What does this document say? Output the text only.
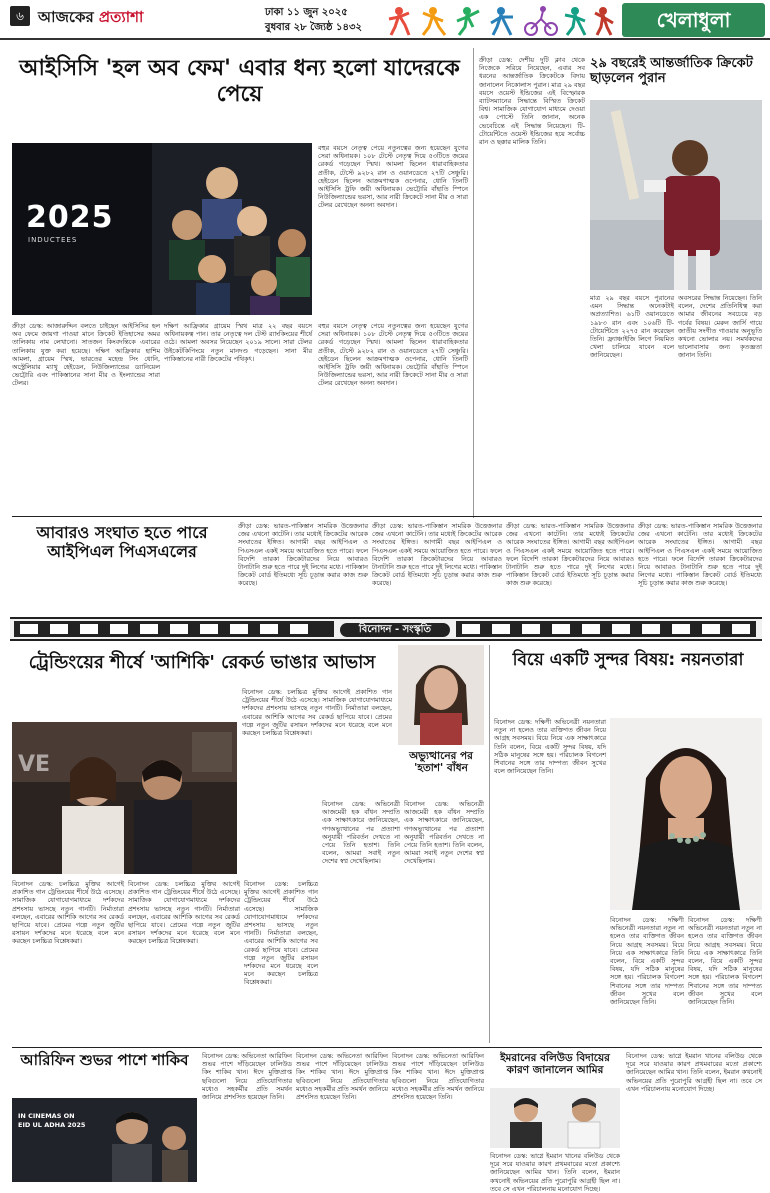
৬ আজকের প্রত্যাশা	ঢাকা ১১ জুন ২০২৫
বুধবার ২৮ জ্যৈষ্ঠ ১৪৩২	খেলাধুলা
আইসিসি 'হল অব ফেম' এবার ধন্য হলো যাদেরকে পেয়ে
2025
INDUCTEES
বহুর বয়সে নেতৃত্ব পেয়ে নতুনত্বের জন্য হয়েছেন যুগের সেরা অধিনায়ক। ১০৮ টেস্টে নেতৃত্ব দিয়ে ৫৩টিতে জয়ের রেকর্ড গড়েছেন স্মিথ। আমলা ছিলেন ধারাবাহিকতার প্রতীক, টেস্টে ৯২৮২ রান ও ওয়ানডেতে ২৭টি সেঞ্চুরি। হেইডেন ছিলেন আক্রমণাত্মক ওপেনার, ধোনি তিনটি আইসিসি ট্রফি জয়ী অধিনায়ক। ভেট্টোরি বাঁহাতি স্পিনে নিউজিল্যান্ডের ভরসা, আর নারী ক্রিকেটে সানা মীর ও সারা টেলর রেখেছেন অনন্য অবদান।
ক্রীড়া ডেস্ক: আজারুদ্দিন বলতে চাইছেন আইসিসির হল অব ফেমে জায়গা পাওয়া মানে ক্রিকেট ইতিহাসের অমর তালিকায় নাম লেখানো। সাতজন কিংবদন্তিকে এবারের তালিকায় যুক্ত করা হয়েছে। দক্ষিণ আফ্রিকার হাশিম আমলা, গ্রায়েম স্মিথ, ভারতের মহেন্দ্র সিং ধোনি, অস্ট্রেলিয়ার ম্যাথু হেইডেন, নিউজিল্যান্ডের ড্যানিয়েল ভেট্টোরি এবং পাকিস্তানের সানা মীর ও ইংল্যান্ডের সারা টেলর।
দক্ষিণ আফ্রিকার গ্রায়েম স্মিথ মাত্র ২২ বছর বয়সে অধিনায়কত্ব পান। তার নেতৃত্বে দল টেস্ট র‍্যাংকিংয়ের শীর্ষে ওঠে। আমলা অবসর নিয়েছেন ২০১৯ সালে। সারা টেলর উইকেটকিপিংয়ে নতুন মানদণ্ড গড়েছেন। সানা মীর পাকিস্তানের নারী ক্রিকেটের পথিকৃৎ।
বহুর বয়সে নেতৃত্ব পেয়ে নতুনত্বের জন্য হয়েছেন যুগের সেরা অধিনায়ক। ১০৮ টেস্টে নেতৃত্ব দিয়ে ৫৩টিতে জয়ের রেকর্ড গড়েছেন স্মিথ। আমলা ছিলেন ধারাবাহিকতার প্রতীক, টেস্টে ৯২৮২ রান ও ওয়ানডেতে ২৭টি সেঞ্চুরি। হেইডেন ছিলেন আক্রমণাত্মক ওপেনার, ধোনি তিনটি আইসিসি ট্রফি জয়ী অধিনায়ক। ভেট্টোরি বাঁহাতি স্পিনে নিউজিল্যান্ডের ভরসা, আর নারী ক্রিকেটে সানা মীর ও সারা টেলর রেখেছেন অনন্য অবদান।
ক্রীড়া ডেস্ক: দেশীয় দুটি ক্লাব থেকে নিজেকে সরিয়ে নিয়েছেন, এবার সব ধরনের আন্তর্জাতিক ক্রিকেটকে বিদায় জানালেন নিকোলাস পুরান। মাত্র ২৯ বছর বয়সে ওয়েস্ট ইন্ডিজের এই বিস্ফোরক ব্যাটসম্যানের সিদ্ধান্তে বিস্মিত ক্রিকেট বিশ্ব। সামাজিক যোগাযোগ মাধ্যমে দেওয়া এক পোস্টে তিনি জানান, অনেক ভেবেচিন্তে এই সিদ্ধান্ত নিয়েছেন। টি-টোয়েন্টিতে ওয়েস্ট ইন্ডিজের হয়ে সর্বোচ্চ রান ও ছক্কার মালিক তিনি।
২৯ বছরেই আন্তর্জাতিক ক্রিকেট ছাড়লেন পুরান
মাত্র ২৯ বছর বয়সে পুরানের এমন সিদ্ধান্ত অনেকটাই অপ্রত্যাশিত। ৬১টি ওয়ানডেতে ১৯৮৩ রান এবং ১০৬টি টি-টোয়েন্টিতে ২২৭৫ রান করেছেন তিনি। ফ্র্যাঞ্চাইজি লিগে নিয়মিত খেলা চালিয়ে যাবেন বলে জানিয়েছেন।
অবসরের সিদ্ধান্ত নিয়েছেন। তিনি বলেন, দেশের প্রতিনিধিত্ব করা আমার জীবনের সবচেয়ে বড় গর্বের বিষয়। মেরুন জার্সি গায়ে জাতীয় সংগীত গাওয়ার অনুভূতি কখনো ভোলার নয়। সমর্থকদের ভালোবাসার জন্য কৃতজ্ঞতা জানান তিনি।
আবারও সংঘাত হতে পারে আইপিএল পিএসএলের
ক্রীড়া ডেস্ক: ভারত-পাকিস্তান সামরিক উত্তেজনার জের এখনো কাটেনি। তার মধ্যেই ক্রিকেটের আরেক সংঘাতের ইঙ্গিত। আগামী বছর আইপিএল ও পিএসএল একই সময়ে আয়োজিত হতে পারে। ফলে বিদেশি তারকা ক্রিকেটারদের নিয়ে আবারও টানাটানি শুরু হতে পারে দুই লিগের মধ্যে। পাকিস্তান ক্রিকেট বোর্ড ইতিমধ্যে সূচি চূড়ান্ত করার কাজ শুরু করেছে।
ক্রীড়া ডেস্ক: ভারত-পাকিস্তান সামরিক উত্তেজনার জের এখনো কাটেনি। তার মধ্যেই ক্রিকেটের আরেক সংঘাতের ইঙ্গিত। আগামী বছর আইপিএল ও পিএসএল একই সময়ে আয়োজিত হতে পারে। ফলে বিদেশি তারকা ক্রিকেটারদের নিয়ে আবারও টানাটানি শুরু হতে পারে দুই লিগের মধ্যে। পাকিস্তান ক্রিকেট বোর্ড ইতিমধ্যে সূচি চূড়ান্ত করার কাজ শুরু করেছে।
ক্রীড়া ডেস্ক: ভারত-পাকিস্তান সামরিক উত্তেজনার জের এখনো কাটেনি। তার মধ্যেই ক্রিকেটের আরেক সংঘাতের ইঙ্গিত। আগামী বছর আইপিএল ও পিএসএল একই সময়ে আয়োজিত হতে পারে। ফলে বিদেশি তারকা ক্রিকেটারদের নিয়ে আবারও টানাটানি শুরু হতে পারে দুই লিগের মধ্যে। পাকিস্তান ক্রিকেট বোর্ড ইতিমধ্যে সূচি চূড়ান্ত করার কাজ শুরু করেছে।
ক্রীড়া ডেস্ক: ভারত-পাকিস্তান সামরিক উত্তেজনার জের এখনো কাটেনি। তার মধ্যেই ক্রিকেটের আরেক সংঘাতের ইঙ্গিত। আগামী বছর আইপিএল ও পিএসএল একই সময়ে আয়োজিত হতে পারে। ফলে বিদেশি তারকা ক্রিকেটারদের নিয়ে আবারও টানাটানি শুরু হতে পারে দুই লিগের মধ্যে। পাকিস্তান ক্রিকেট বোর্ড ইতিমধ্যে সূচি চূড়ান্ত করার কাজ শুরু করেছে।
বিনোদন - সংস্কৃতি
ট্রেন্ডিংয়ের শীর্ষে 'আশিকি' রেকর্ড ভাঙার আভাস
VE
বিনোদন ডেস্ক: চলচ্চিত্র মুক্তির আগেই প্রকাশিত গান ট্রেন্ডিংয়ের শীর্ষে উঠে এসেছে। সামাজিক যোগাযোগমাধ্যমে দর্শকদের প্রশংসায় ভাসছে নতুন গানটি। নির্মাতারা বলছেন, এবারের আশিকি আগের সব রেকর্ড ছাপিয়ে যাবে। প্রেমের গল্পে নতুন জুটির রসায়ন দর্শকদের মনে ধরেছে বলে মনে করছেন চলচ্চিত্র বিশ্লেষকরা।
বিনোদন ডেস্ক: চলচ্চিত্র মুক্তির আগেই প্রকাশিত গান ট্রেন্ডিংয়ের শীর্ষে উঠে এসেছে। সামাজিক যোগাযোগমাধ্যমে দর্শকদের প্রশংসায় ভাসছে নতুন গানটি। নির্মাতারা বলছেন, এবারের আশিকি আগের সব রেকর্ড ছাপিয়ে যাবে। প্রেমের গল্পে নতুন জুটির রসায়ন দর্শকদের মনে ধরেছে বলে মনে করছেন চলচ্চিত্র বিশ্লেষকরা।
বিনোদন ডেস্ক: চলচ্চিত্র মুক্তির আগেই প্রকাশিত গান ট্রেন্ডিংয়ের শীর্ষে উঠে এসেছে। সামাজিক যোগাযোগমাধ্যমে দর্শকদের প্রশংসায় ভাসছে নতুন গানটি। নির্মাতারা বলছেন, এবারের আশিকি আগের সব রেকর্ড ছাপিয়ে যাবে। প্রেমের গল্পে নতুন জুটির রসায়ন দর্শকদের মনে ধরেছে বলে মনে করছেন চলচ্চিত্র বিশ্লেষকরা।
বিনোদন ডেস্ক: চলচ্চিত্র মুক্তির আগেই প্রকাশিত গান ট্রেন্ডিংয়ের শীর্ষে উঠে এসেছে। সামাজিক যোগাযোগমাধ্যমে দর্শকদের প্রশংসায় ভাসছে নতুন গানটি। নির্মাতারা বলছেন, এবারের আশিকি আগের সব রেকর্ড ছাপিয়ে যাবে। প্রেমের গল্পে নতুন জুটির রসায়ন দর্শকদের মনে ধরেছে বলে মনে করছেন চলচ্চিত্র বিশ্লেষকরা।
অভ্যুত্থানের পর 'হতাশ' বাঁধন
বিনোদন ডেস্ক: অভিনেত্রী আজমেরী হক বাঁধন সম্প্রতি এক সাক্ষাৎকারে জানিয়েছেন, গণঅভ্যুত্থানের পর প্রত্যাশা অনুযায়ী পরিবর্তন দেখতে না পেয়ে তিনি হতাশ। তিনি বলেন, আমরা সবাই নতুন দেশের স্বপ্ন দেখেছিলাম।
বিনোদন ডেস্ক: অভিনেত্রী আজমেরী হক বাঁধন সম্প্রতি এক সাক্ষাৎকারে জানিয়েছেন, গণঅভ্যুত্থানের পর প্রত্যাশা অনুযায়ী পরিবর্তন দেখতে না পেয়ে তিনি হতাশ। তিনি বলেন, আমরা সবাই নতুন দেশের স্বপ্ন দেখেছিলাম।
বিয়ে একটি সুন্দর বিষয়: নয়নতারা
বিনোদন ডেস্ক: দক্ষিণী অভিনেত্রী নয়নতারা নতুন না হলেও তার ব্যক্তিগত জীবন নিয়ে আগ্রহ সবসময়। বিয়ে নিয়ে এক সাক্ষাৎকারে তিনি বলেন, বিয়ে একটি সুন্দর বিষয়, যদি সঠিক মানুষের সঙ্গে হয়। পরিচালক বিগনেশ শিবানের সঙ্গে তার দাম্পত্য জীবন সুখের বলে জানিয়েছেন তিনি।
বিনোদন ডেস্ক: দক্ষিণী অভিনেত্রী নয়নতারা নতুন না হলেও তার ব্যক্তিগত জীবন নিয়ে আগ্রহ সবসময়। বিয়ে নিয়ে এক সাক্ষাৎকারে তিনি বলেন, বিয়ে একটি সুন্দর বিষয়, যদি সঠিক মানুষের সঙ্গে হয়। পরিচালক বিগনেশ শিবানের সঙ্গে তার দাম্পত্য জীবন সুখের বলে জানিয়েছেন তিনি।
বিনোদন ডেস্ক: দক্ষিণী অভিনেত্রী নয়নতারা নতুন না হলেও তার ব্যক্তিগত জীবন নিয়ে আগ্রহ সবসময়। বিয়ে নিয়ে এক সাক্ষাৎকারে তিনি বলেন, বিয়ে একটি সুন্দর বিষয়, যদি সঠিক মানুষের সঙ্গে হয়। পরিচালক বিগনেশ শিবানের সঙ্গে তার দাম্পত্য জীবন সুখের বলে জানিয়েছেন তিনি।
আরিফিন শুভর পাশে শাকিব
IN CINEMAS ON
EID UL ADHA 2025
বিনোদন ডেস্ক: অভিনেতা আরিফিন শুভর পাশে দাঁড়িয়েছেন ঢালিউড কিং শাকিব খান। ঈদে মুক্তিপ্রাপ্ত ছবিগুলো নিয়ে প্রতিযোগিতার মধ্যেও সহকর্মীর প্রতি সমর্থন জানিয়ে প্রশংসিত হয়েছেন তিনি।
বিনোদন ডেস্ক: অভিনেতা আরিফিন শুভর পাশে দাঁড়িয়েছেন ঢালিউড কিং শাকিব খান। ঈদে মুক্তিপ্রাপ্ত ছবিগুলো নিয়ে প্রতিযোগিতার মধ্যেও সহকর্মীর প্রতি সমর্থন জানিয়ে প্রশংসিত হয়েছেন তিনি।
বিনোদন ডেস্ক: অভিনেতা আরিফিন শুভর পাশে দাঁড়িয়েছেন ঢালিউড কিং শাকিব খান। ঈদে মুক্তিপ্রাপ্ত ছবিগুলো নিয়ে প্রতিযোগিতার মধ্যেও সহকর্মীর প্রতি সমর্থন জানিয়ে প্রশংসিত হয়েছেন তিনি।
ইমরানের বলিউড বিদায়ের কারণ জানালেন আমির
বিনোদন ডেস্ক: ভাগ্নে ইমরান খানের বলিউড থেকে দূরে সরে যাওয়ার কারণ প্রথমবারের মতো প্রকাশ্যে জানিয়েছেন আমির খান। তিনি বলেন, ইমরান কখনোই অভিনয়ের প্রতি পুরোপুরি আগ্রহী ছিল না। তবে সে এখন পরিচালনায় মনোযোগ দিচ্ছে।
বিনোদন ডেস্ক: ভাগ্নে ইমরান খানের বলিউড থেকে দূরে সরে যাওয়ার কারণ প্রথমবারের মতো প্রকাশ্যে জানিয়েছেন আমির খান। তিনি বলেন, ইমরান কখনোই অভিনয়ের প্রতি পুরোপুরি আগ্রহী ছিল না। তবে সে এখন পরিচালনায় মনোযোগ দিচ্ছে।
